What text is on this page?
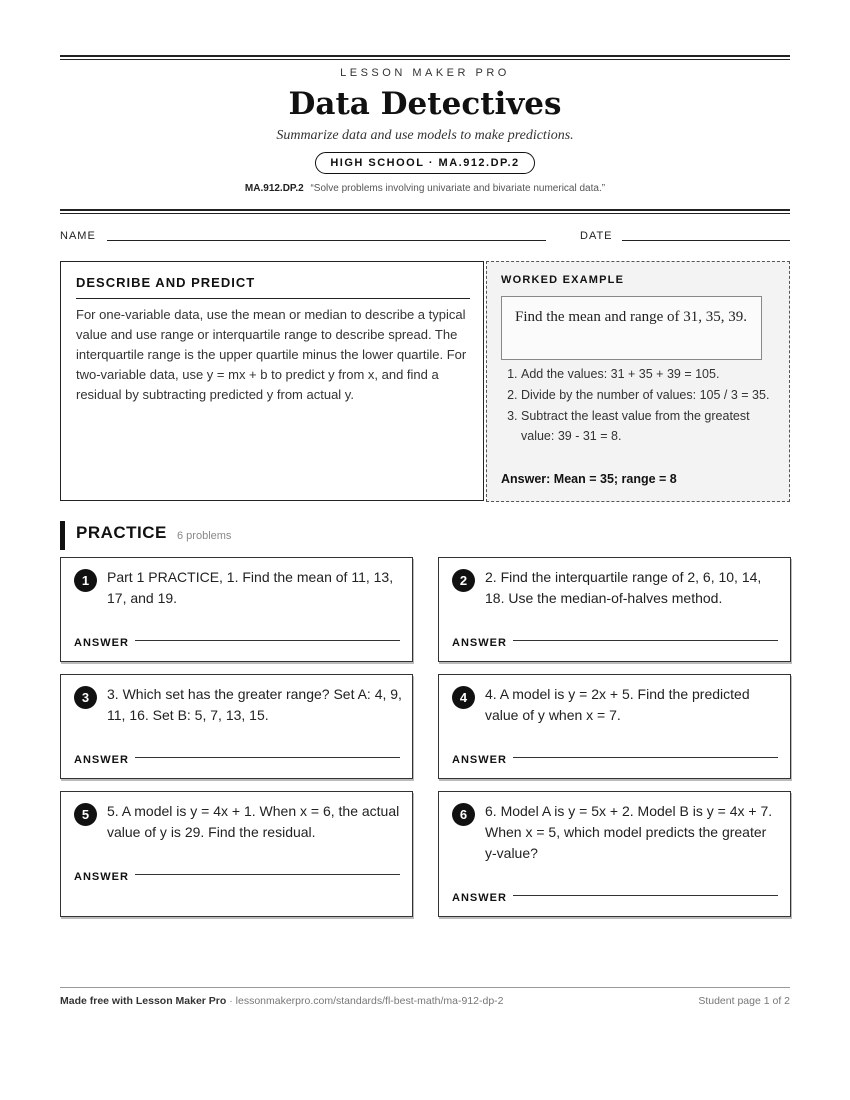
LESSON MAKER PRO
Data Detectives
Summarize data and use models to make predictions.
HIGH SCHOOL · MA.912.DP.2
MA.912.DP.2 “Solve problems involving univariate and bivariate numerical data.”
NAME	DATE
DESCRIBE AND PREDICT
For one-variable data, use the mean or median to describe a typical value and use range or interquartile range to describe spread. The interquartile range is the upper quartile minus the lower quartile. For two-variable data, use y = mx + b to predict y from x, and find a residual by subtracting predicted y from actual y.
WORKED EXAMPLE
Find the mean and range of 31, 35, 39.
1. Add the values: 31 + 35 + 39 = 105.
2. Divide by the number of values: 105 / 3 = 35.
3. Subtract the least value from the greatest value: 39 - 31 = 8.
Answer: Mean = 35; range = 8
PRACTICE 6 problems
1	Part 1 PRACTICE, 1. Find the mean of 11, 13, 17, and 19.
ANSWER
2	2. Find the interquartile range of 2, 6, 10, 14, 18. Use the median-of-halves method.
ANSWER
3	3. Which set has the greater range? Set A: 4, 9, 11, 16. Set B: 5, 7, 13, 15.
ANSWER
4	4. A model is y = 2x + 5. Find the predicted value of y when x = 7.
ANSWER
5	5. A model is y = 4x + 1. When x = 6, the actual value of y is 29. Find the residual.
ANSWER
6	6. Model A is y = 5x + 2. Model B is y = 4x + 7. When x = 5, which model predicts the greater y-value?
ANSWER
Made free with Lesson Maker Pro · lessonmakerpro.com/standards/fl-best-math/ma-912-dp-2	Student page 1 of 2
